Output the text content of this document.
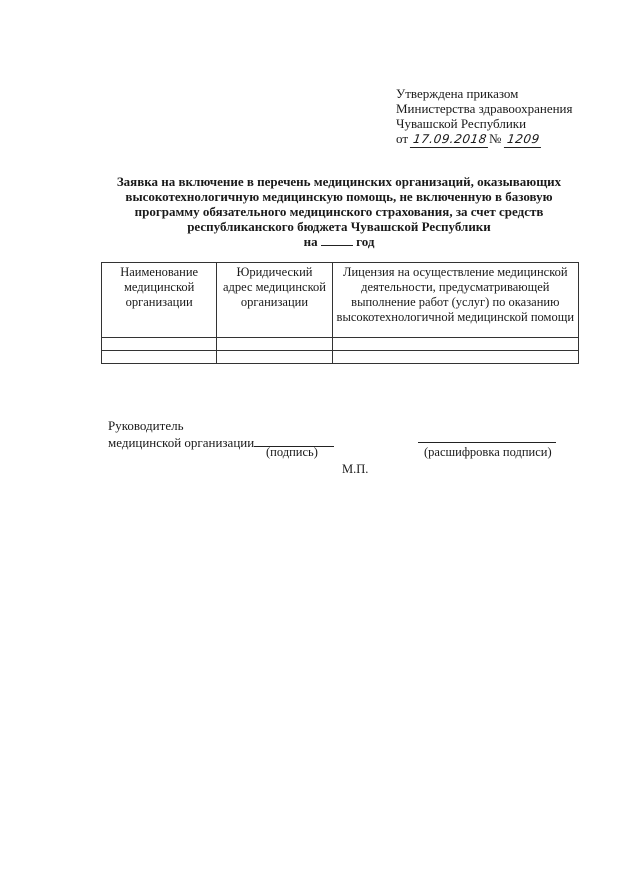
Утверждена приказом
Министерства здравоохранения
Чувашской Республики
от 17.09.2018№ 1209
Заявка на включение в перечень медицинских организаций, оказывающих
высокотехнологичную медицинскую помощь, не включенную в базовую
программу обязательного медицинского страхования, за счет средств
республиканского бюджета Чувашской Республики
на	год
Наименование медицинской организации	Юридический адрес медицинской организации	Лицензия на осуществление медицинской деятельности, предусматривающей выполнение работ (услуг) по оказанию высокотехнологичной медицинской помощи

Руководитель
медицинской организации
(подпись)	(расшифровка подписи)
М.П.
